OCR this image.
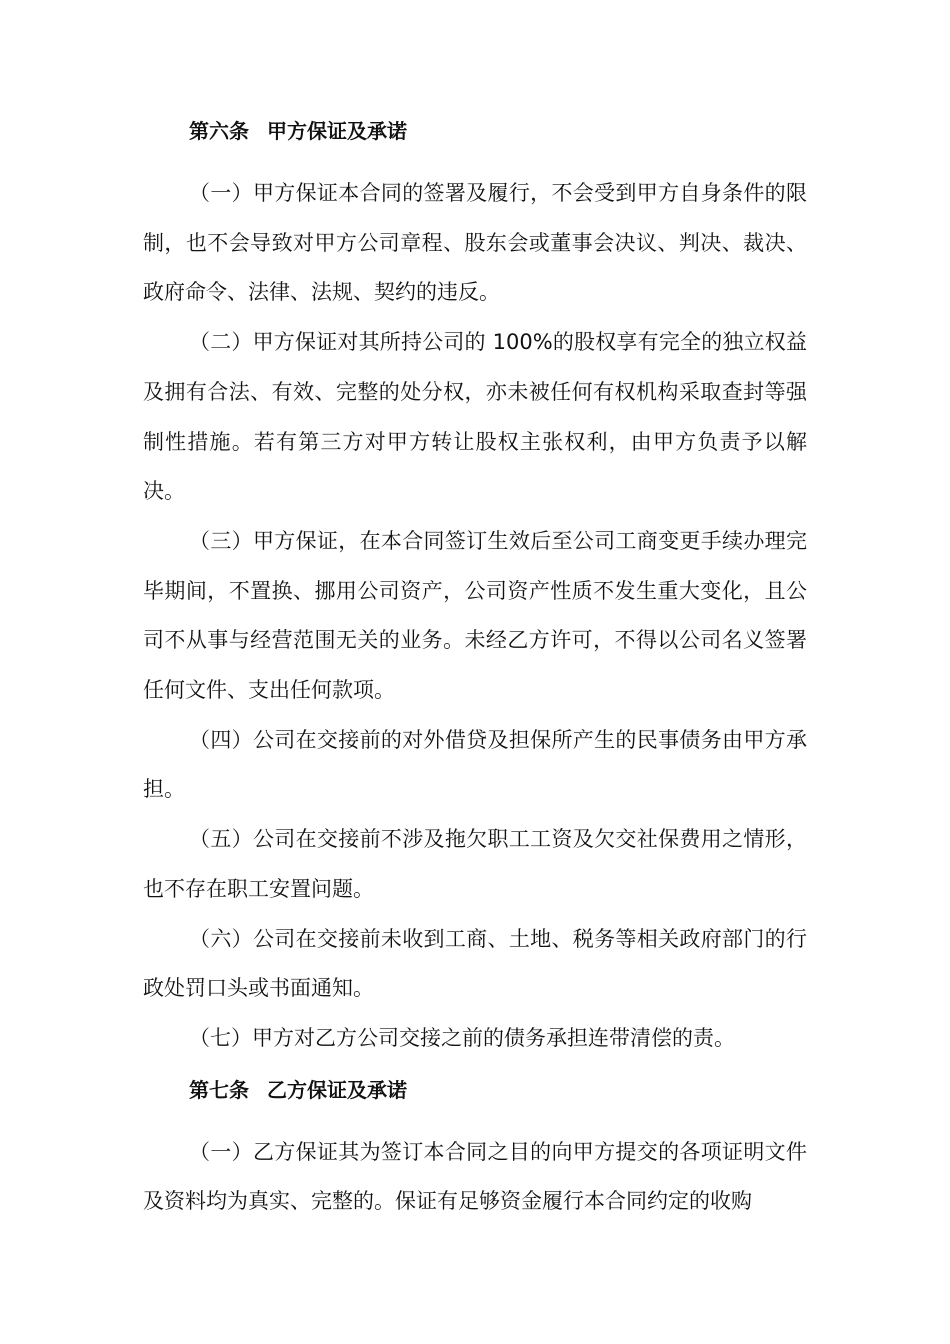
第六条 甲方保证及承诺

（一）甲方保证本合同的签署及履行，不会受到甲方自身条件的限制，也不会导致对甲方公司章程、股东会或董事会决议、判决、裁决、政府命令、法律、法规、契约的违反。

（二）甲方保证对其所持公司的 100%的股权享有完全的独立权益及拥有合法、有效、完整的处分权，亦未被任何有权机构采取查封等强制性措施。若有第三方对甲方转让股权主张权利，由甲方负责予以解决。

（三）甲方保证，在本合同签订生效后至公司工商变更手续办理完毕期间，不置换、挪用公司资产，公司资产性质不发生重大变化，且公司不从事与经营范围无关的业务。未经乙方许可，不得以公司名义签署任何文件、支出任何款项。

（四）公司在交接前的对外借贷及担保所产生的民事债务由甲方承担。

（五）公司在交接前不涉及拖欠职工工资及欠交社保费用之情形，也不存在职工安置问题。

（六）公司在交接前未收到工商、土地、税务等相关政府部门的行政处罚口头或书面通知。

（七）甲方对乙方公司交接之前的债务承担连带清偿的责。

第七条 乙方保证及承诺

（一）乙方保证其为签订本合同之目的向甲方提交的各项证明文件及资料均为真实、完整的。保证有足够资金履行本合同约定的收购
